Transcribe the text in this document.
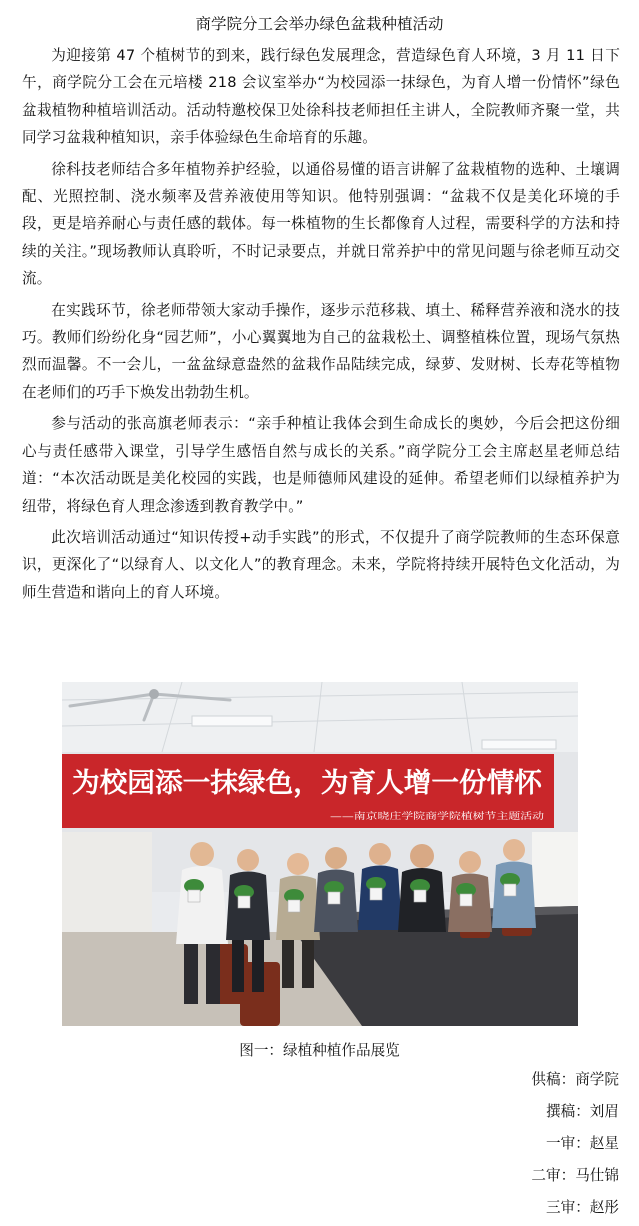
商学院分工会举办绿色盆栽种植活动

为迎接第 47 个植树节的到来，践行绿色发展理念，营造绿色育人环境，3 月 11 日下午，商学院分工会在元培楼 218 会议室举办“为校园添一抹绿色，为育人增一份情怀”绿色盆栽植物种植培训活动。活动特邀校保卫处徐科技老师担任主讲人，全院教师齐聚一堂，共同学习盆栽种植知识，亲手体验绿色生命培育的乐趣。

徐科技老师结合多年植物养护经验，以通俗易懂的语言讲解了盆栽植物的选种、土壤调配、光照控制、浇水频率及营养液使用等知识。他特别强调：“盆栽不仅是美化环境的手段，更是培养耐心与责任感的载体。每一株植物的生长都像育人过程，需要科学的方法和持续的关注。”现场教师认真聆听，不时记录要点，并就日常养护中的常见问题与徐老师互动交流。

在实践环节，徐老师带领大家动手操作，逐步示范移栽、填土、稀释营养液和浇水的技巧。教师们纷纷化身“园艺师”，小心翼翼地为自己的盆栽松土、调整植株位置，现场气氛热烈而温馨。不一会儿，一盆盆绿意盎然的盆栽作品陆续完成，绿萝、发财树、长寿花等植物在老师们的巧手下焕发出勃勃生机。

参与活动的张高旗老师表示：“亲手种植让我体会到生命成长的奥妙，今后会把这份细心与责任感带入课堂，引导学生感悟自然与成长的关系。”商学院分工会主席赵星老师总结道：“本次活动既是美化校园的实践，也是师德师风建设的延伸。希望老师们以绿植养护为纽带，将绿色育人理念渗透到教育教学中。”

此次培训活动通过“知识传授+动手实践”的形式，不仅提升了商学院教师的生态环保意识，更深化了“以绿育人、以文化人”的教育理念。未来，学院将持续开展特色文化活动，为师生营造和谐向上的育人环境。

为校园添一抹绿色，为育人增一份情怀
——南京晓庄学院商学院植树节主题活动
图一：绿植种植作品展览
供稿：商学院
撰稿：刘眉
一审：赵星
二审：马仕锦
三审：赵彤
